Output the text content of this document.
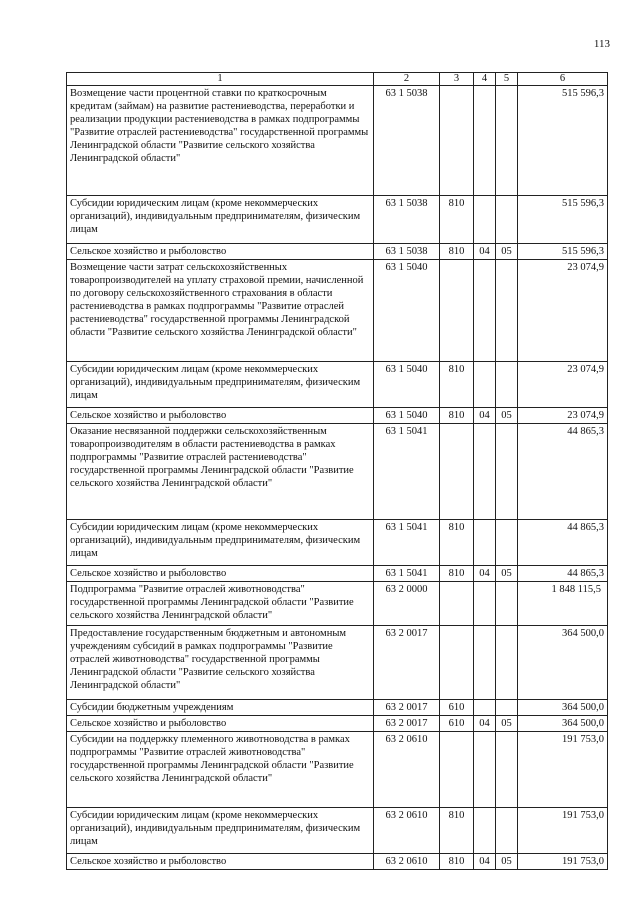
113
1	2	3	4	5	6
Возмещение части процентной ставки по краткосрочным кредитам (займам) на развитие растениеводства, переработки и реализации продукции растениеводства в рамках подпрограммы "Развитие отраслей растениеводства" государственной программы Ленинградской области "Развитие сельского хозяйства Ленинградской области"	63 1 5038				515 596,3
Субсидии юридическим лицам (кроме некоммерческих организаций), индивидуальным предпринимателям, физическим лицам	63 1 5038	810			515 596,3
Сельское хозяйство и рыболовство	63 1 5038	810	04	05	515 596,3
Возмещение части затрат сельскохозяйственных товаропроизводителей на уплату страховой премии, начисленной по договору сельскохозяйственного страхования в области растениеводства в рамках подпрограммы "Развитие отраслей растениеводства" государственной программы Ленинградской области "Развитие сельского хозяйства Ленинградской области"	63 1 5040				23 074,9
Субсидии юридическим лицам (кроме некоммерческих организаций), индивидуальным предпринимателям, физическим лицам	63 1 5040	810			23 074,9
Сельское хозяйство и рыболовство	63 1 5040	810	04	05	23 074,9
Оказание несвязанной поддержки сельскохозяйственным товаропроизводителям в области растениеводства в рамках подпрограммы "Развитие отраслей растениеводства" государственной программы Ленинградской области "Развитие сельского хозяйства Ленинградской области"	63 1 5041				44 865,3
Субсидии юридическим лицам (кроме некоммерческих организаций), индивидуальным предпринимателям, физическим лицам	63 1 5041	810			44 865,3
Сельское хозяйство и рыболовство	63 1 5041	810	04	05	44 865,3
Подпрограмма "Развитие отраслей животноводства" государственной программы Ленинградской области "Развитие сельского хозяйства Ленинградской области"	63 2 0000				1 848 115,5
Предоставление государственным бюджетным и автономным учреждениям субсидий в рамках подпрограммы "Развитие отраслей животноводства" государственной программы Ленинградской области "Развитие сельского хозяйства Ленинградской области"	63 2 0017				364 500,0
Субсидии бюджетным учреждениям	63 2 0017	610			364 500,0
Сельское хозяйство и рыболовство	63 2 0017	610	04	05	364 500,0
Субсидии на поддержку племенного животноводства в рамках подпрограммы "Развитие отраслей животноводства" государственной программы Ленинградской области "Развитие сельского хозяйства Ленинградской области"	63 2 0610				191 753,0
Субсидии юридическим лицам (кроме некоммерческих организаций), индивидуальным предпринимателям, физическим лицам	63 2 0610	810			191 753,0
Сельское хозяйство и рыболовство	63 2 0610	810	04	05	191 753,0
